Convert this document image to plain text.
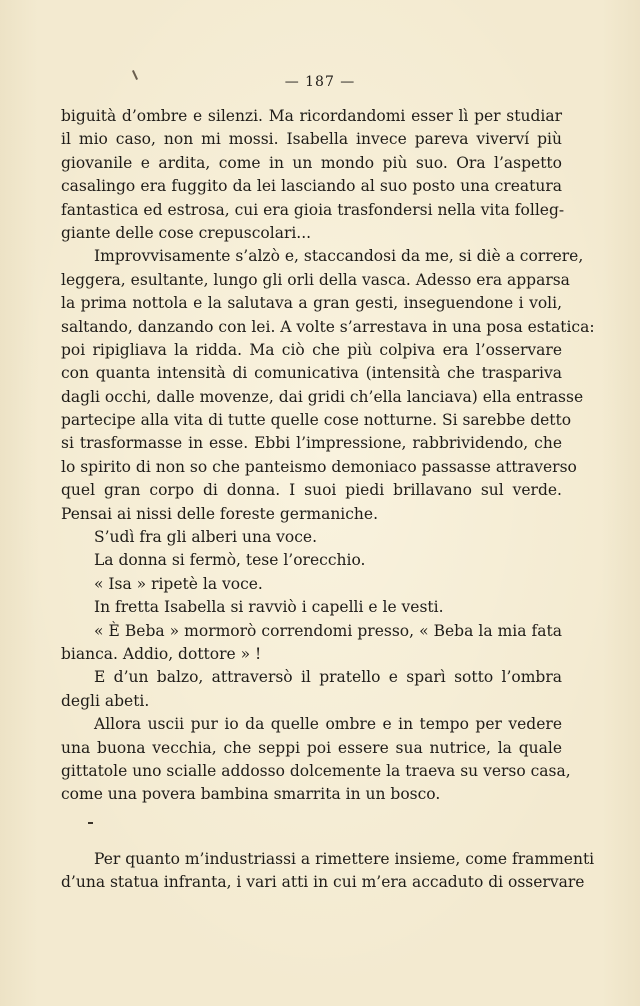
— 187 —
biguità d’ombre e silenzi. Ma ricordandomi esser lì per studiar
il mio caso, non mi mossi. Isabella invece pareva viverví più
giovanile e ardita, come in un mondo più suo. Ora l’aspetto
casalingo era fuggito da lei lasciando al suo posto una creatura
fantastica ed estrosa, cui era gioia trasfondersi nella vita folleg-
giante delle cose crepuscolari...
Improvvisamente s’alzò e, staccandosi da me, si diè a correre,
leggera, esultante, lungo gli orli della vasca. Adesso era apparsa
la prima nottola e la salutava a gran gesti, inseguendone i voli,
saltando, danzando con lei. A volte s’arrestava in una posa estatica:
poi ripigliava la ridda. Ma ciò che più colpiva era l’osservare
con quanta intensità di comunicativa (intensità che traspariva
dagli occhi, dalle movenze, dai gridi ch’ella lanciava) ella entrasse
partecipe alla vita di tutte quelle cose notturne. Si sarebbe detto
si trasformasse in esse. Ebbi l’impressione, rabbrividendo, che
lo spirito di non so che panteismo demoniaco passasse attraverso
quel gran corpo di donna. I suoi piedi brillavano sul verde.
Pensai ai nissi delle foreste germaniche.
S’udì fra gli alberi una voce.
La donna si fermò, tese l’orecchio.
« Isa » ripetè la voce.
In fretta Isabella si ravviò i capelli e le vesti.
« È Beba » mormorò correndomi presso, « Beba la mia fata
bianca. Addio, dottore » !
E d’un balzo, attraversò il pratello e sparì sotto l’ombra
degli abeti.
Allora uscii pur io da quelle ombre e in tempo per vedere
una buona vecchia, che seppi poi essere sua nutrice, la quale
gittatole uno scialle addosso dolcemente la traeva su verso casa,
come una povera bambina smarrita in un bosco.
Per quanto m’industriassi a rimettere insieme, come frammenti
d’una statua infranta, i vari atti in cui m’era accaduto di osservare
